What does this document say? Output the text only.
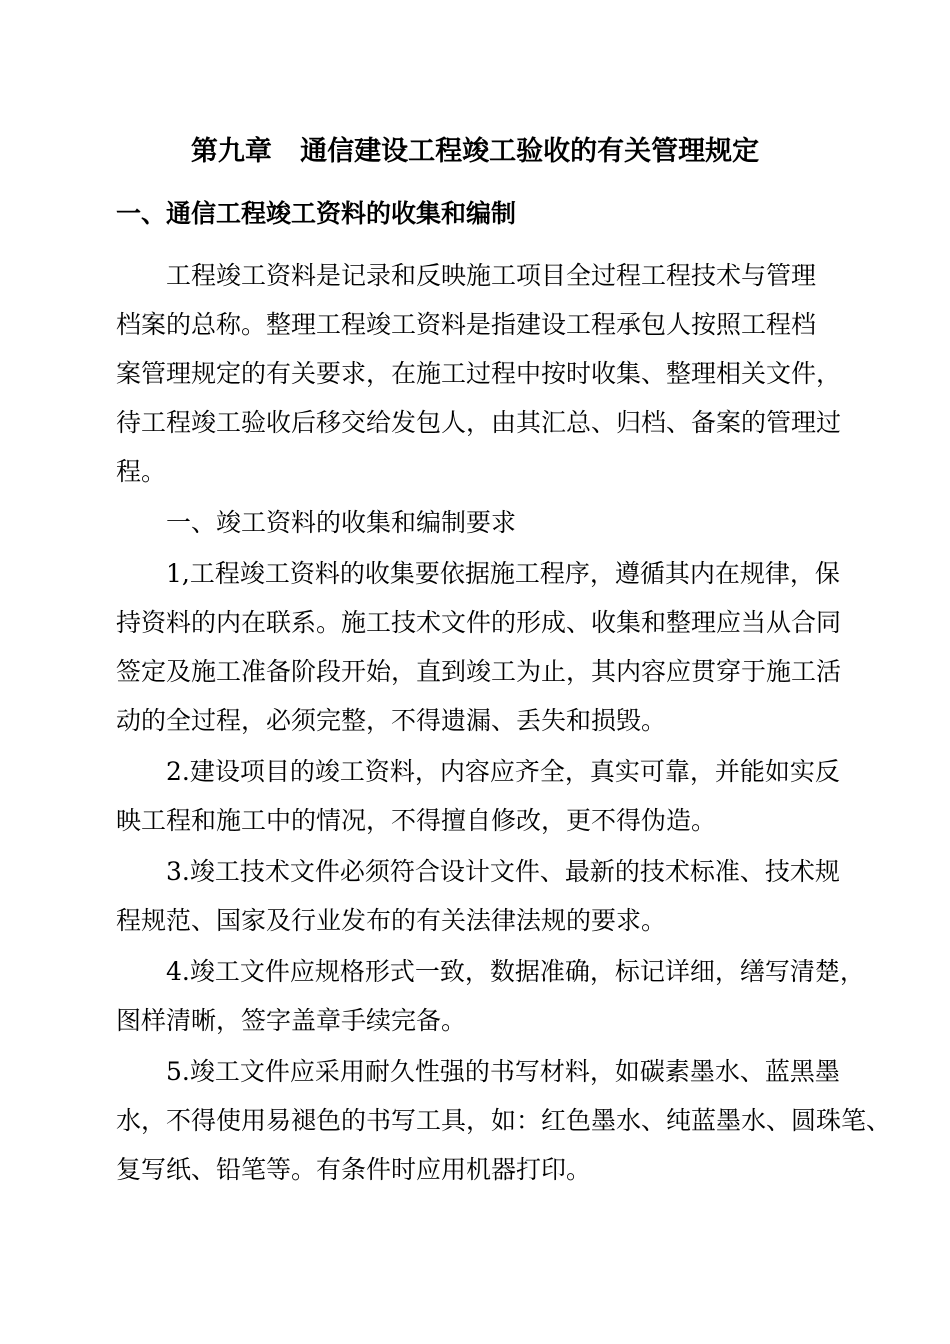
第九章   通信建设工程竣工验收的有关管理规定
一、通信工程竣工资料的收集和编制
工程竣工资料是记录和反映施工项目全过程工程技术与管理
档案的总称。整理工程竣工资料是指建设工程承包人按照工程档
案管理规定的有关要求，在施工过程中按时收集、整理相关文件，
待工程竣工验收后移交给发包人，由其汇总、归档、备案的管理过
程。
一、竣工资料的收集和编制要求
1,工程竣工资料的收集要依据施工程序，遵循其内在规律，保
持资料的内在联系。施工技术文件的形成、收集和整理应当从合同
签定及施工准备阶段开始，直到竣工为止，其内容应贯穿于施工活
动的全过程，必须完整，不得遗漏、丢失和损毁。
2.建设项目的竣工资料，内容应齐全，真实可靠，并能如实反
映工程和施工中的情况，不得擅自修改，更不得伪造。
3.竣工技术文件必须符合设计文件、最新的技术标准、技术规
程规范、国家及行业发布的有关法律法规的要求。
4.竣工文件应规格形式一致，数据准确，标记详细，缮写清楚，
图样清晰，签字盖章手续完备。
5.竣工文件应采用耐久性强的书写材料，如碳素墨水、蓝黑墨
水，不得使用易褪色的书写工具，如：红色墨水、纯蓝墨水、圆珠笔、
复写纸、铅笔等。有条件时应用机器打印。
